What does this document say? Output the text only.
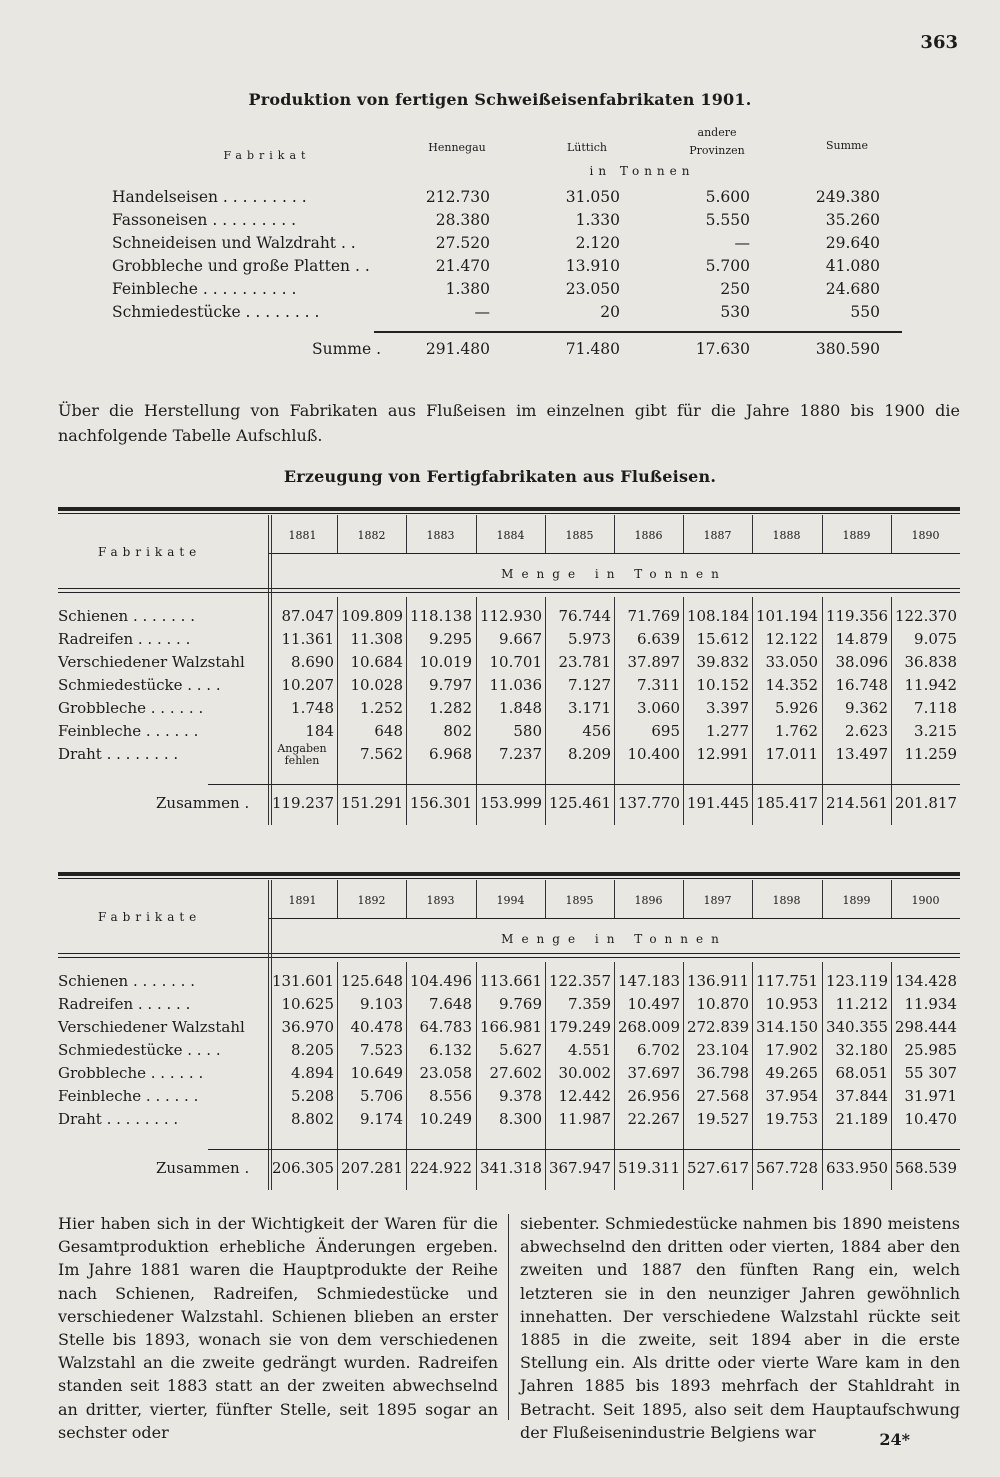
363
Produktion von fertigen Schweißeisenfabrikaten 1901.
Fabrikat
Hennegau	Lüttich
andere
Provinzen	Summe
in Tonnen
Handelseisen . . . . . . . . .	212.730	31.050	5.600	249.380
Fassoneisen . . . . . . . . .	28.380	1.330	5.550	35.260
Schneideisen und Walzdraht . .	27.520	2.120	—	29.640
Grobbleche und große Platten . .	21.470	13.910	5.700	41.080
Feinbleche . . . . . . . . . .	1.380	23.050	250	24.680
Schmiedestücke . . . . . . . .	—	20	530	550
Summe .	291.480	71.480	17.630	380.590
Über die Herstellung von Fabrikaten aus Flußeisen im einzelnen gibt für die Jahre 1880 bis 1900 die nachfolgende Tabelle Aufschluß.
Erzeugung von Fertigfabrikaten aus Flußeisen.
Fabrikate
Menge in Tonnen
1881	1882	1883	1884	1885	1886	1887	1888	1889	1890
Schienen . . . . . . .	87.047 109.809 118.138 112.930	76.744	71.769 108.184 101.194 119.356 122.370
Radreifen . . . . . .	11.361	11.308	9.295	9.667	5.973	6.639	15.612	12.122	14.879	9.075
Verschiedener Walzstahl	8.690	10.684	10.019	10.701	23.781	37.897	39.832	33.050	38.096	36.838
Schmiedestücke . . . .	10.207	10.028	9.797	11.036	7.127	7.311	10.152	14.352	16.748	11.942
Grobbleche . . . . . .	1.748	1.252	1.282	1.848	3.171	3.060	3.397	5.926	9.362	7.118
Feinbleche . . . . . .	184	648	802	580	456	695	1.277	1.762	2.623	3.215
Draht . . . . . . . .	Angaben fehlen	7.562	6.968	7.237	8.209	10.400	12.991	17.011	13.497	11.259
Zusammen .	119.237 151.291 156.301 153.999 125.461 137.770 191.445 185.417 214.561 201.817
Fabrikate
Menge in Tonnen
1891	1892	1893	1994	1895	1896	1897	1898	1899	1900
Schienen . . . . . . .	131.601 125.648 104.496 113.661 122.357 147.183 136.911 117.751 123.119 134.428
Radreifen . . . . . .	10.625	9.103	7.648	9.769	7.359	10.497	10.870	10.953	11.212	11.934
Verschiedener Walzstahl	36.970	40.478	64.783 166.981 179.249 268.009 272.839 314.150 340.355 298.444
Schmiedestücke . . . .	8.205	7.523	6.132	5.627	4.551	6.702	23.104	17.902	32.180	25.985
Grobbleche . . . . . .	4.894	10.649	23.058	27.602	30.002	37.697	36.798	49.265	68.051	55 307
Feinbleche . . . . . .	5.208	5.706	8.556	9.378	12.442	26.956	27.568	37.954	37.844	31.971
Draht . . . . . . . .	8.802	9.174	10.249	8.300	11.987	22.267	19.527	19.753	21.189	10.470
Zusammen .	206.305 207.281 224.922 341.318 367.947 519.311 527.617 567.728 633.950 568.539
Hier haben sich in der Wichtigkeit der Waren für die Gesamtproduktion erhebliche Änderungen ergeben. Im Jahre 1881 waren die Hauptprodukte der Reihe nach Schienen, Radreifen, Schmiedestücke und verschiedener Walzstahl. Schienen blieben an erster Stelle bis 1893, wonach sie von dem verschiedenen Walzstahl an die zweite gedrängt wurden. Radreifen standen seit 1883 statt an der zweiten abwechselnd an dritter, vierter, fünfter Stelle, seit 1895 sogar an sechster oder
siebenter. Schmiedestücke nahmen bis 1890 meistens abwechselnd den dritten oder vierten, 1884 aber den zweiten und 1887 den fünften Rang ein, welch letzteren sie in den neunziger Jahren gewöhnlich innehatten. Der verschiedene Walzstahl rückte seit 1885 in die zweite, seit 1894 aber in die erste Stellung ein. Als dritte oder vierte Ware kam in den Jahren 1885 bis 1893 mehrfach der Stahldraht in Betracht. Seit 1895, also seit dem Hauptaufschwung der Flußeisenindustrie Belgiens war	24*
